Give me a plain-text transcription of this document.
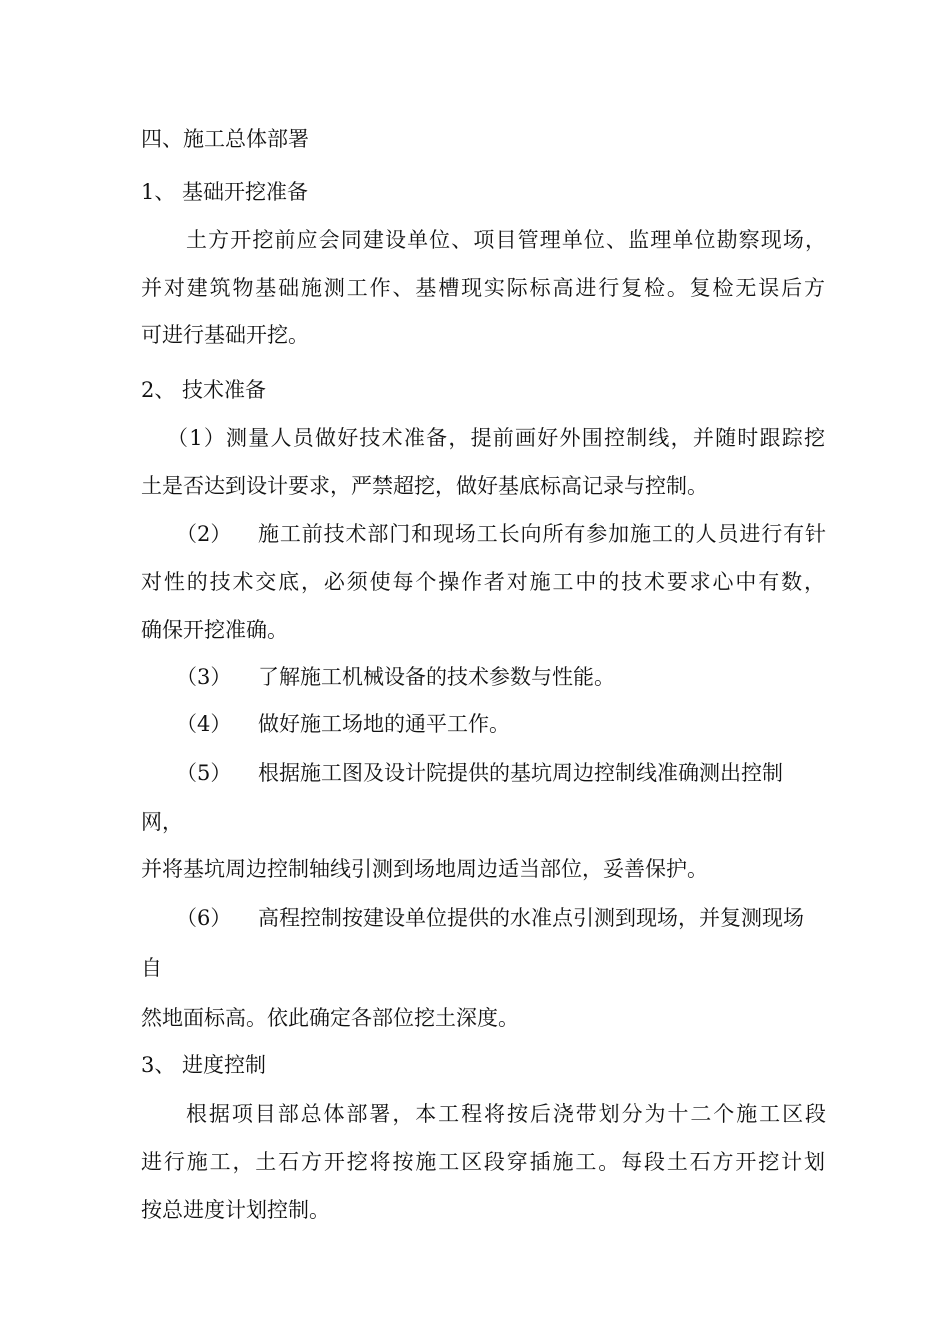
四、施工总体部署
1、 基础开挖准备
土方开挖前应会同建设单位、项目管理单位、监理单位勘察现场，
并对建筑物基础施测工作、基槽现实际标高进行复检。复检无误后方
可进行基础开挖。
2、 技术准备
（1）测量人员做好技术准备，提前画好外围控制线，并随时跟踪挖
土是否达到设计要求，严禁超挖，做好基底标高记录与控制。
（2） 施工前技术部门和现场工长向所有参加施工的人员进行有针
对性的技术交底，必须使每个操作者对施工中的技术要求心中有数，
确保开挖准确。
（3） 了解施工机械设备的技术参数与性能。
（4） 做好施工场地的通平工作。
（5） 根据施工图及设计院提供的基坑周边控制线准确测出控制
网，
并将基坑周边控制轴线引测到场地周边适当部位，妥善保护。
（6） 高程控制按建设单位提供的水准点引测到现场，并复测现场
自
然地面标高。依此确定各部位挖土深度。
3、 进度控制
根据项目部总体部署，本工程将按后浇带划分为十二个施工区段
进行施工，土石方开挖将按施工区段穿插施工。每段土石方开挖计划
按总进度计划控制。
